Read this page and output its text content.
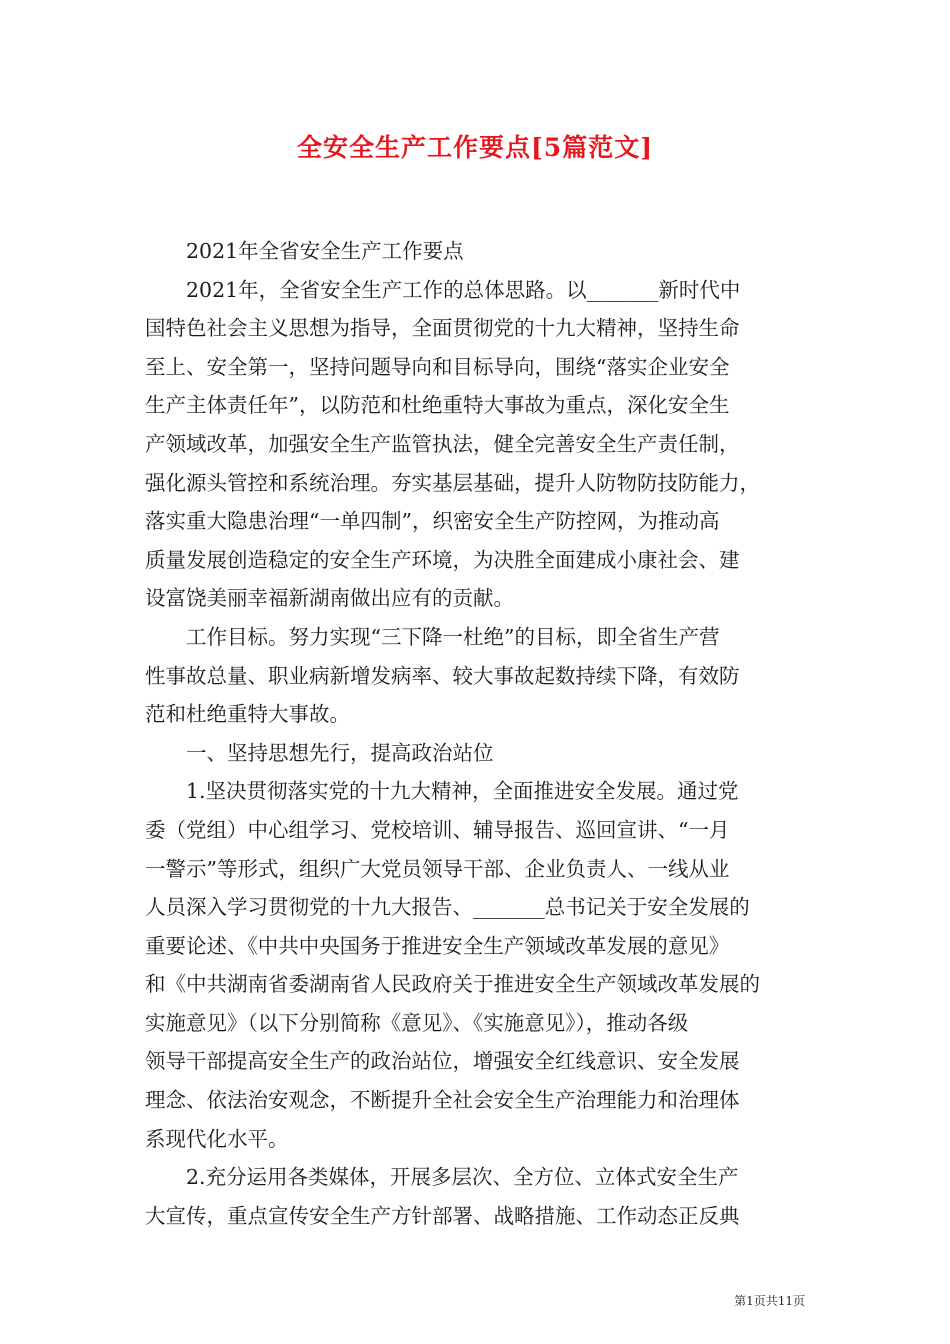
全安全生产工作要点[5篇范文]
2021年全省安全生产工作要点
2021年，全省安全生产工作的总体思路。以_______新时代中
国特色社会主义思想为指导，全面贯彻党的十九大精神，坚持生命
至上、安全第一，坚持问题导向和目标导向，围绕“落实企业安全
生产主体责任年”，以防范和杜绝重特大事故为重点，深化安全生
产领域改革，加强安全生产监管执法，健全完善安全生产责任制，
强化源头管控和系统治理。夯实基层基础，提升人防物防技防能力，
落实重大隐患治理“一单四制”，织密安全生产防控网，为推动高
质量发展创造稳定的安全生产环境，为决胜全面建成小康社会、建
设富饶美丽幸福新湖南做出应有的贡献。
工作目标。努力实现“三下降一杜绝”的目标，即全省生产营
性事故总量、职业病新增发病率、较大事故起数持续下降，有效防
范和杜绝重特大事故。
一、坚持思想先行，提高政治站位
1.坚决贯彻落实党的十九大精神，全面推进安全发展。通过党
委（党组）中心组学习、党校培训、辅导报告、巡回宣讲、“一月
一警示”等形式，组织广大党员领导干部、企业负责人、一线从业
人员深入学习贯彻党的十九大报告、_______总书记关于安全发展的
重要论述、《中共中央国务于推进安全生产领域改革发展的意见》
和《中共湖南省委湖南省人民政府关于推进安全生产领域改革发展的
实施意见》（以下分别简称《意见》、《实施意见》），推动各级
领导干部提高安全生产的政治站位，增强安全红线意识、安全发展
理念、依法治安观念，不断提升全社会安全生产治理能力和治理体
系现代化水平。
2.充分运用各类媒体，开展多层次、全方位、立体式安全生产
大宣传，重点宣传安全生产方针部署、战略措施、工作动态正反典
第1页共11页
